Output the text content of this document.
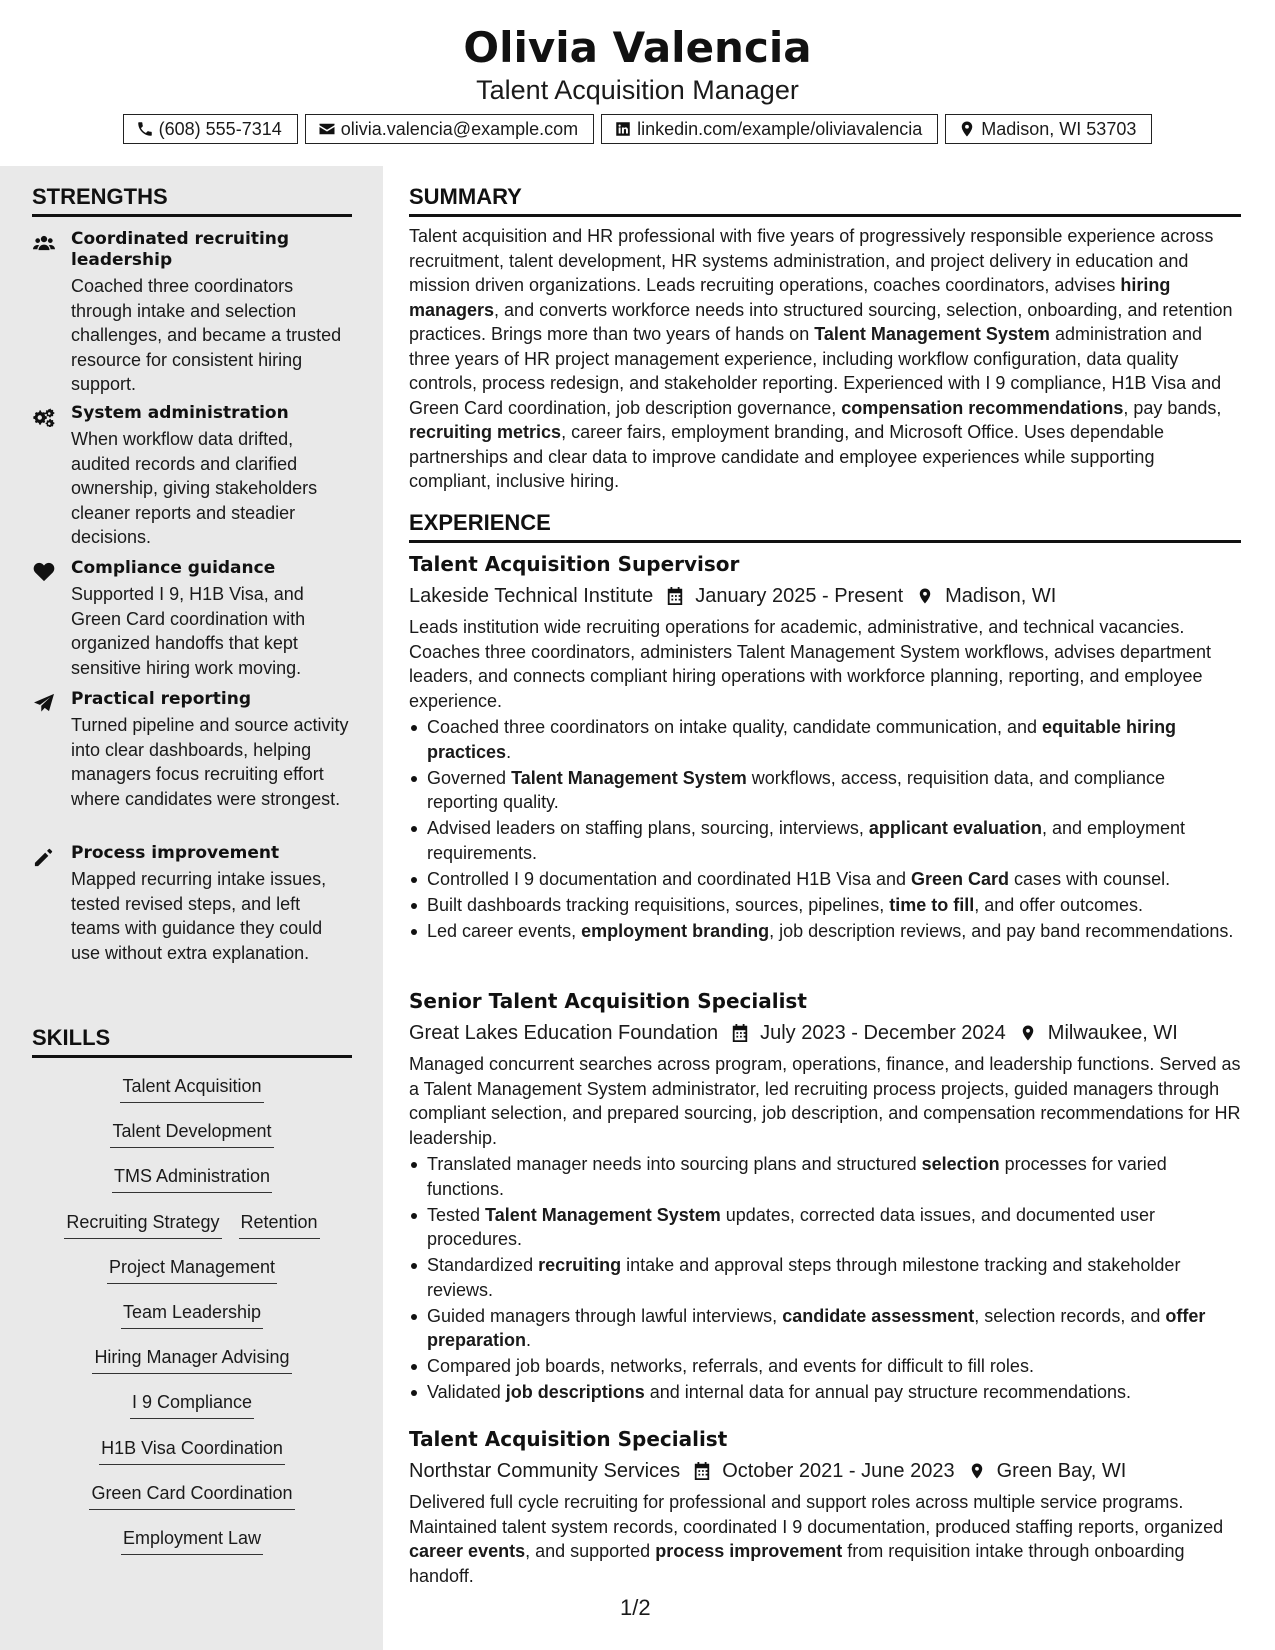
Olivia Valencia
Talent Acquisition Manager
(608) 555-7314	olivia.valencia@example.com	linkedin.com/example/oliviavalencia	Madison, WI 53703
STRENGTHS
Coordinated recruiting leadership
Coached three coordinators through intake and selection challenges, and became a trusted resource for consistent hiring support.
System administration
When workflow data drifted, audited records and clarified ownership, giving stakeholders cleaner reports and steadier decisions.
Compliance guidance
Supported I 9, H1B Visa, and Green Card coordination with organized handoffs that kept sensitive hiring work moving.
Practical reporting
Turned pipeline and source activity into clear dashboards, helping managers focus recruiting effort where candidates were strongest.
Process improvement
Mapped recurring intake issues, tested revised steps, and left teams with guidance they could use without extra explanation.
SKILLS
Talent Acquisition
Talent Development
TMS Administration
Recruiting Strategy Retention
Project Management
Team Leadership
Hiring Manager Advising
I 9 Compliance
H1B Visa Coordination
Green Card Coordination
Employment Law
SUMMARY
Talent acquisition and HR professional with five years of progressively responsible experience across recruitment, talent development, HR systems administration, and project delivery in education and mission driven organizations. Leads recruiting operations, coaches coordinators, advises hiring managers, and converts workforce needs into structured sourcing, selection, onboarding, and retention practices. Brings more than two years of hands on Talent Management System administration and three years of HR project management experience, including workflow configuration, data quality controls, process redesign, and stakeholder reporting. Experienced with I 9 compliance, H1B Visa and Green Card coordination, job description governance, compensation recommendations, pay bands, recruiting metrics, career fairs, employment branding, and Microsoft Office. Uses dependable partnerships and clear data to improve candidate and employee experiences while supporting compliant, inclusive hiring.
EXPERIENCE
Talent Acquisition Supervisor
Lakeside Technical Institute January 2025 - Present Madison, WI
Leads institution wide recruiting operations for academic, administrative, and technical vacancies. Coaches three coordinators, administers Talent Management System workflows, advises department leaders, and connects compliant hiring operations with workforce planning, reporting, and employee experience.
Coached three coordinators on intake quality, candidate communication, and equitable hiring practices.
Governed Talent Management System workflows, access, requisition data, and compliance reporting quality.
Advised leaders on staffing plans, sourcing, interviews, applicant evaluation, and employment requirements.
Controlled I 9 documentation and coordinated H1B Visa and Green Card cases with counsel.
Built dashboards tracking requisitions, sources, pipelines, time to fill, and offer outcomes.
Led career events, employment branding, job description reviews, and pay band recommendations.
Senior Talent Acquisition Specialist
Great Lakes Education Foundation July 2023 - December 2024 Milwaukee, WI
Managed concurrent searches across program, operations, finance, and leadership functions. Served as a Talent Management System administrator, led recruiting process projects, guided managers through compliant selection, and prepared sourcing, job description, and compensation recommendations for HR leadership.
Translated manager needs into sourcing plans and structured selection processes for varied functions.
Tested Talent Management System updates, corrected data issues, and documented user procedures.
Standardized recruiting intake and approval steps through milestone tracking and stakeholder reviews.
Guided managers through lawful interviews, candidate assessment, selection records, and offer preparation.
Compared job boards, networks, referrals, and events for difficult to fill roles.
Validated job descriptions and internal data for annual pay structure recommendations.
Talent Acquisition Specialist
Northstar Community Services October 2021 - June 2023 Green Bay, WI
Delivered full cycle recruiting for professional and support roles across multiple service programs. Maintained talent system records, coordinated I 9 documentation, produced staffing reports, organized career events, and supported process improvement from requisition intake through onboarding handoff.
1/2
